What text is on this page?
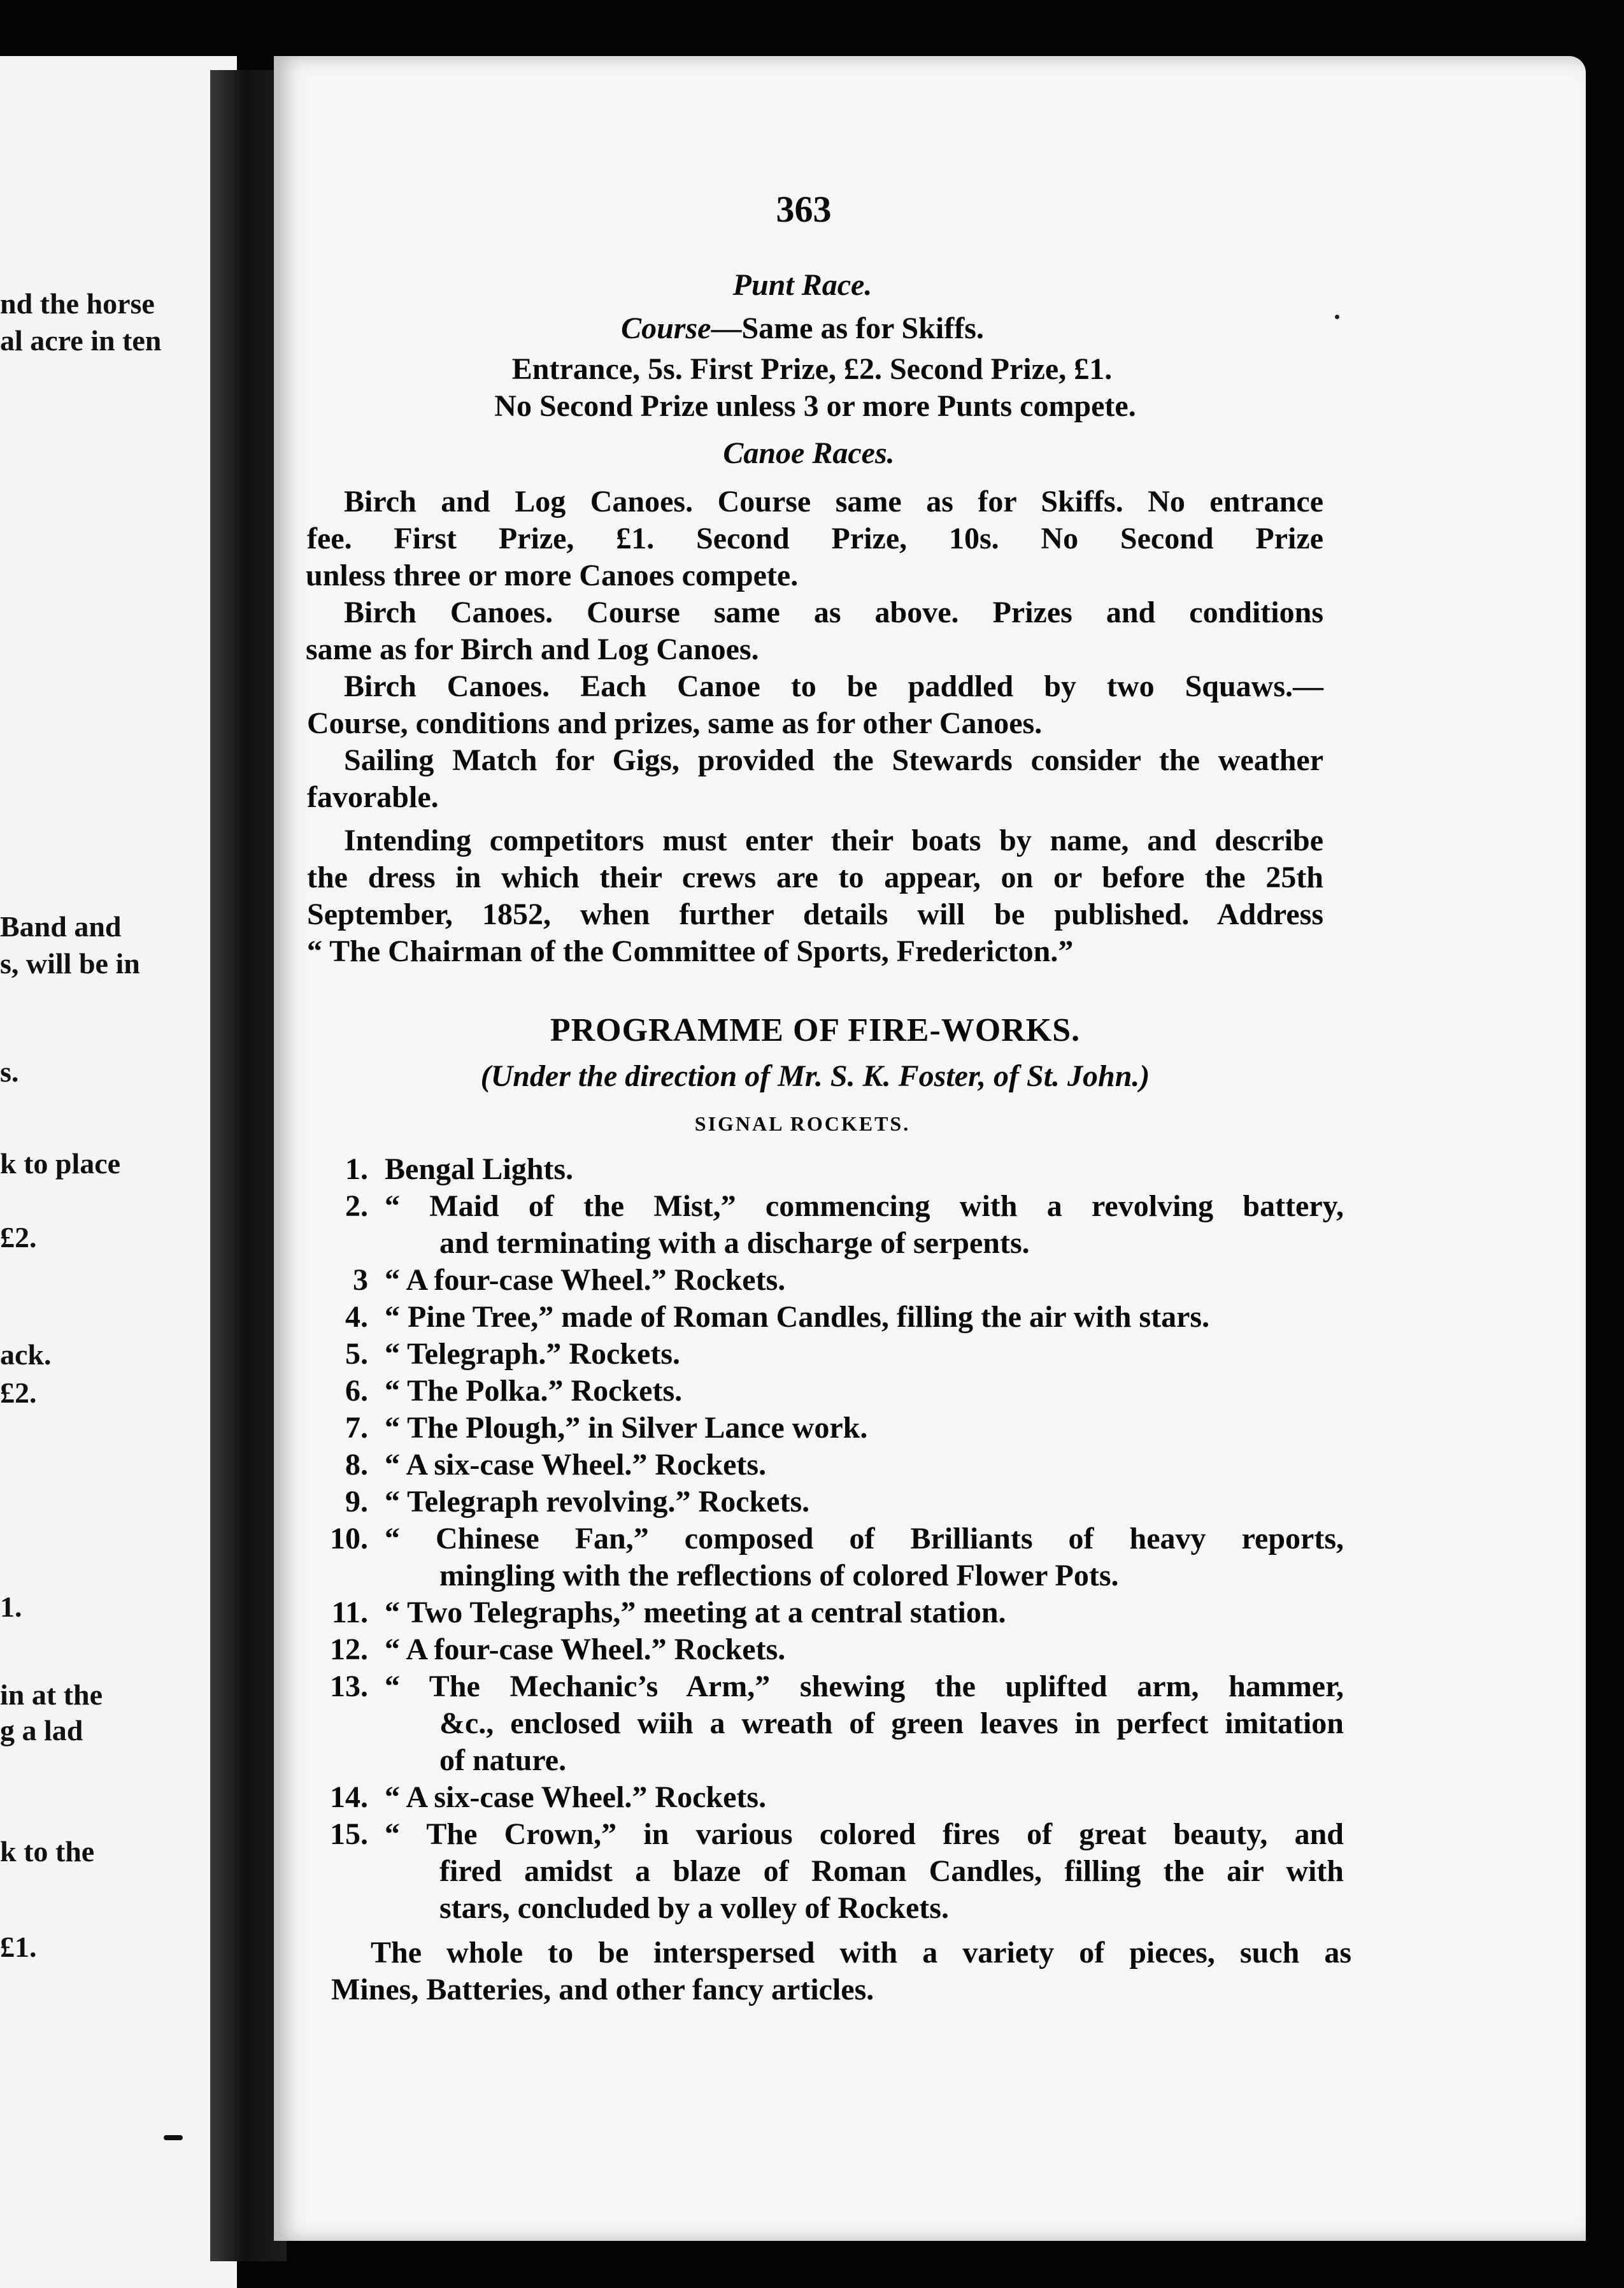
nd the horse
al acre in ten
Band and
s, will be in
s.
k to place
£2.
ack.
£2.
1.
in at the
g a lad
k to the
£1.
363
Punt Race.
Course—Same as for Skiffs.
Entrance, 5s. First Prize, £2. Second Prize, £1.
No Second Prize unless 3 or more Punts compete.
Canoe Races.
Birch and Log Canoes. Course same as for Skiffs. No entrance
fee. First Prize, £1. Second Prize, 10s. No Second Prize
unless three or more Canoes compete.
Birch Canoes. Course same as above. Prizes and conditions
same as for Birch and Log Canoes.
Birch Canoes. Each Canoe to be paddled by two Squaws.—
Course, conditions and prizes, same as for other Canoes.
Sailing Match for Gigs, provided the Stewards consider the weather
favorable.
Intending competitors must enter their boats by name, and describe
the dress in which their crews are to appear, on or before the 25th
September, 1852, when further details will be published. Address
“ The Chairman of the Committee of Sports, Fredericton.”
PROGRAMME OF FIRE-WORKS.
(Under the direction of Mr. S. K. Foster, of St. John.)
SIGNAL ROCKETS.
1. Bengal Lights.
2. “ Maid of the Mist,” commencing with a revolving battery,
and terminating with a discharge of serpents.
3 “ A four-case Wheel.” Rockets.
4. “ Pine Tree,” made of Roman Candles, filling the air with stars.
5. “ Telegraph.” Rockets.
6. “ The Polka.” Rockets.
7. “ The Plough,” in Silver Lance work.
8. “ A six-case Wheel.” Rockets.
9. “ Telegraph revolving.” Rockets.
10. “ Chinese Fan,” composed of Brilliants of heavy reports,
mingling with the reflections of colored Flower Pots.
11. “ Two Telegraphs,” meeting at a central station.
12. “ A four-case Wheel.” Rockets.
13. “ The Mechanic’s Arm,” shewing the uplifted arm, hammer,
&c., enclosed wiih a wreath of green leaves in perfect imitation
of nature.
14. “ A six-case Wheel.” Rockets.
15. “ The Crown,” in various colored fires of great beauty, and
fired amidst a blaze of Roman Candles, filling the air with
stars, concluded by a volley of Rockets.
The whole to be interspersed with a variety of pieces, such as
Mines, Batteries, and other fancy articles.
